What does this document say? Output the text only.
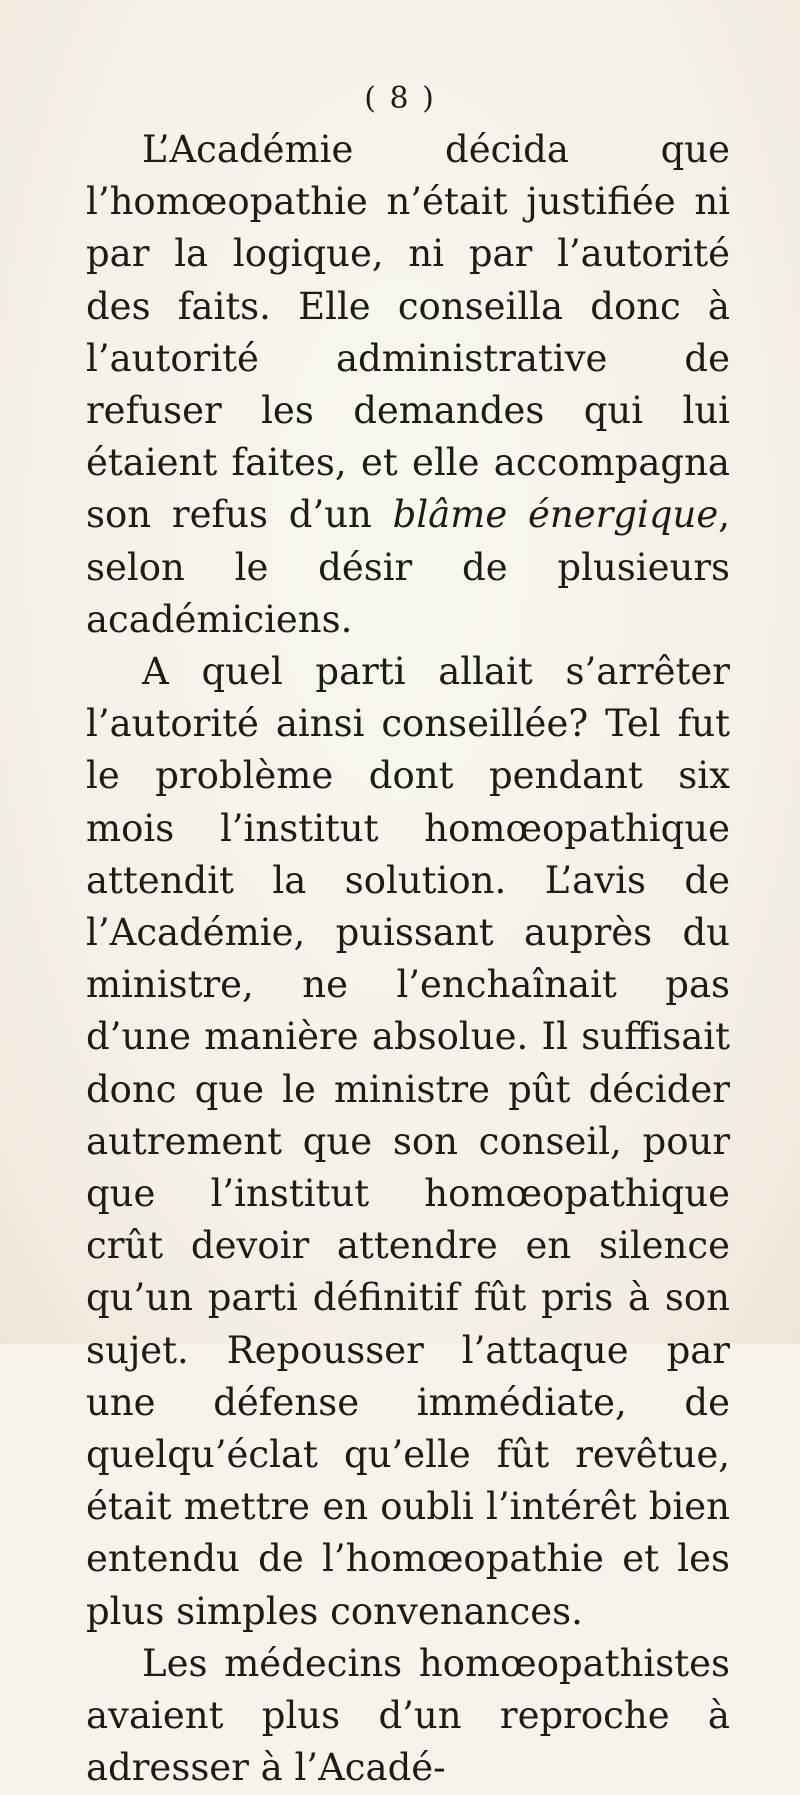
( 8 )

L’Académie décida que l’homœopathie n’était justifiée ni par la logique, ni par l’autorité des faits. Elle conseilla donc à l’autorité administrative de refuser les demandes qui lui étaient faites, et elle accompagna son refus d’un blâme énergique, selon le désir de plusieurs académiciens.

A quel parti allait s’arrêter l’autorité ainsi conseillée? Tel fut le problème dont pendant six mois l’institut homœopathique attendit la solution. L’avis de l’Académie, puissant auprès du ministre, ne l’enchaînait pas d’une manière absolue. Il suffisait donc que le ministre pût décider autrement que son conseil, pour que l’institut homœopathique crût devoir attendre en silence qu’un parti définitif fût pris à son sujet. Repousser l’attaque par une défense immédiate, de quelqu’éclat qu’elle fût revêtue, était mettre en oubli l’intérêt bien entendu de l’homœopathie et les plus simples convenances.

Les médecins homœopathistes avaient plus d’un reproche à adresser à l’Acadé-
